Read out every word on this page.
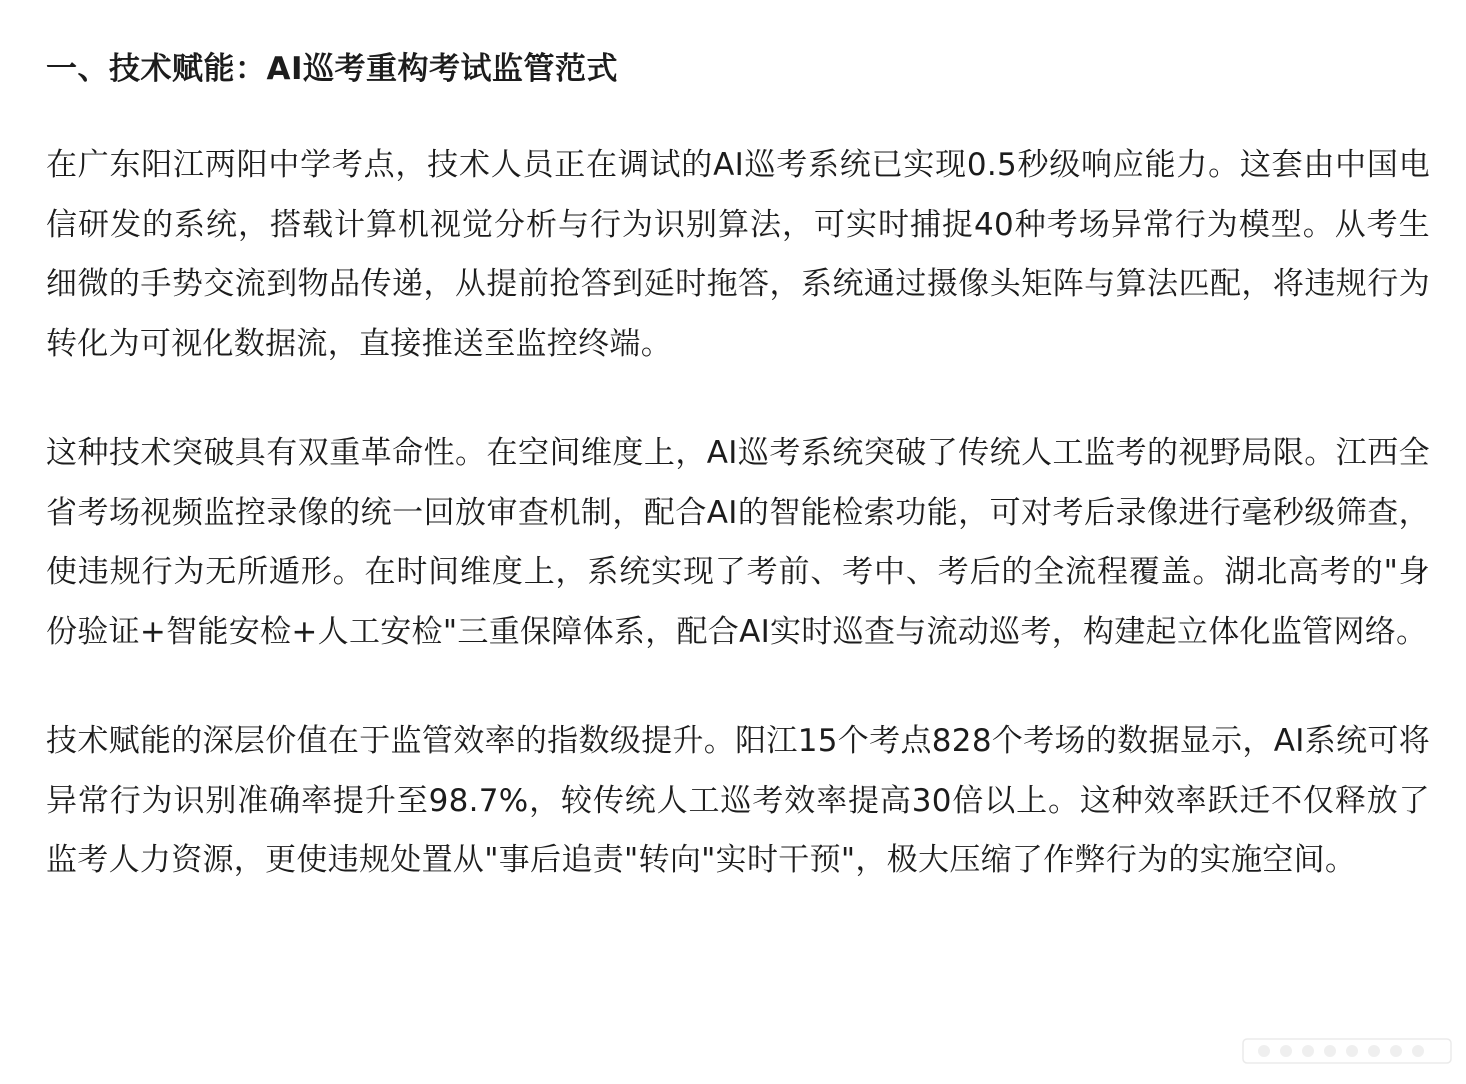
一、技术赋能：AI巡考重构考试监管范式

在广东阳江两阳中学考点，技术人员正在调试的AI巡考系统已实现0.5秒级响应能力。这套由中国电信研发的系统，搭载计算机视觉分析与行为识别算法，可实时捕捉40种考场异常行为模型。从考生细微的手势交流到物品传递，从提前抢答到延时拖答，系统通过摄像头矩阵与算法匹配，将违规行为转化为可视化数据流，直接推送至监控终端。

这种技术突破具有双重革命性。在空间维度上，AI巡考系统突破了传统人工监考的视野局限。江西全省考场视频监控录像的统一回放审查机制，配合AI的智能检索功能，可对考后录像进行毫秒级筛查，使违规行为无所遁形。在时间维度上，系统实现了考前、考中、考后的全流程覆盖。湖北高考的"身份验证+智能安检+人工安检"三重保障体系，配合AI实时巡查与流动巡考，构建起立体化监管网络。

技术赋能的深层价值在于监管效率的指数级提升。阳江15个考点828个考场的数据显示，AI系统可将异常行为识别准确率提升至98.7%，较传统人工巡考效率提高30倍以上。这种效率跃迁不仅释放了监考人力资源，更使违规处置从"事后追责"转向"实时干预"，极大压缩了作弊行为的实施空间。
